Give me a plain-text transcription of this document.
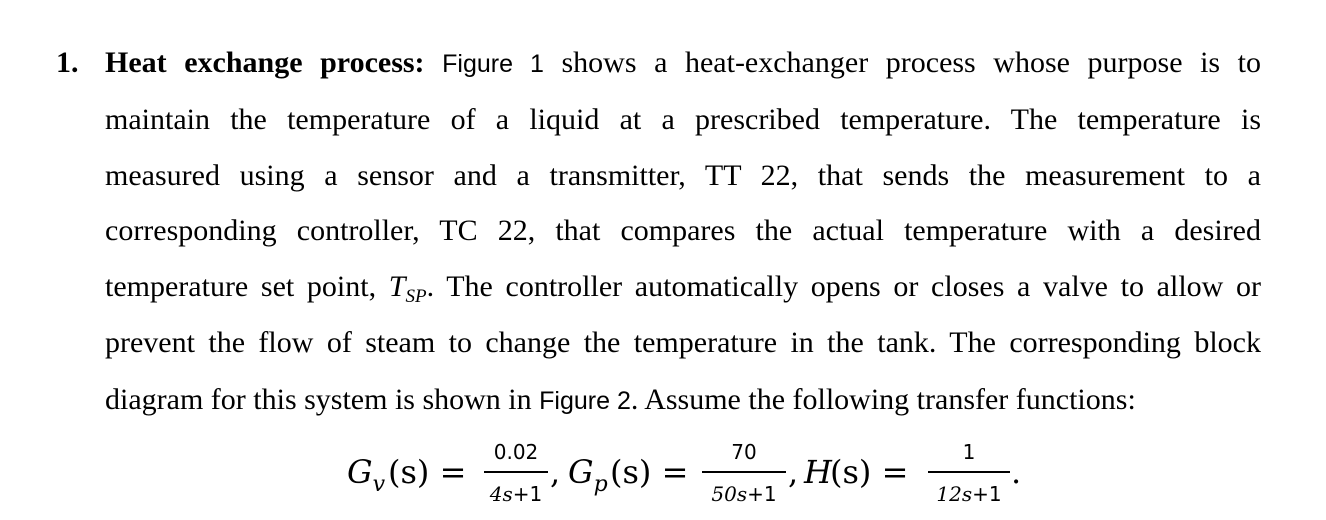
1. Heat exchange process: Figure 1 shows a heat-exchanger process whose purpose is to
maintain the temperature of a liquid at a prescribed temperature. The temperature is
measured using a sensor and a transmitter, TT 22, that sends the measurement to a
corresponding controller, TC 22, that compares the actual temperature with a desired
temperature set point, $T_{SP}$. The controller automatically opens or closes a valve to allow or
prevent the flow of steam to change the temperature in the tank. The corresponding block
diagram for this system is shown in Figure 2. Assume the following transfer functions:
$G_v$ (s) =
0.02
4s+1
, $G_p$ (s) =
70
50s+1
, H
(s) =
1
12s+1
.
